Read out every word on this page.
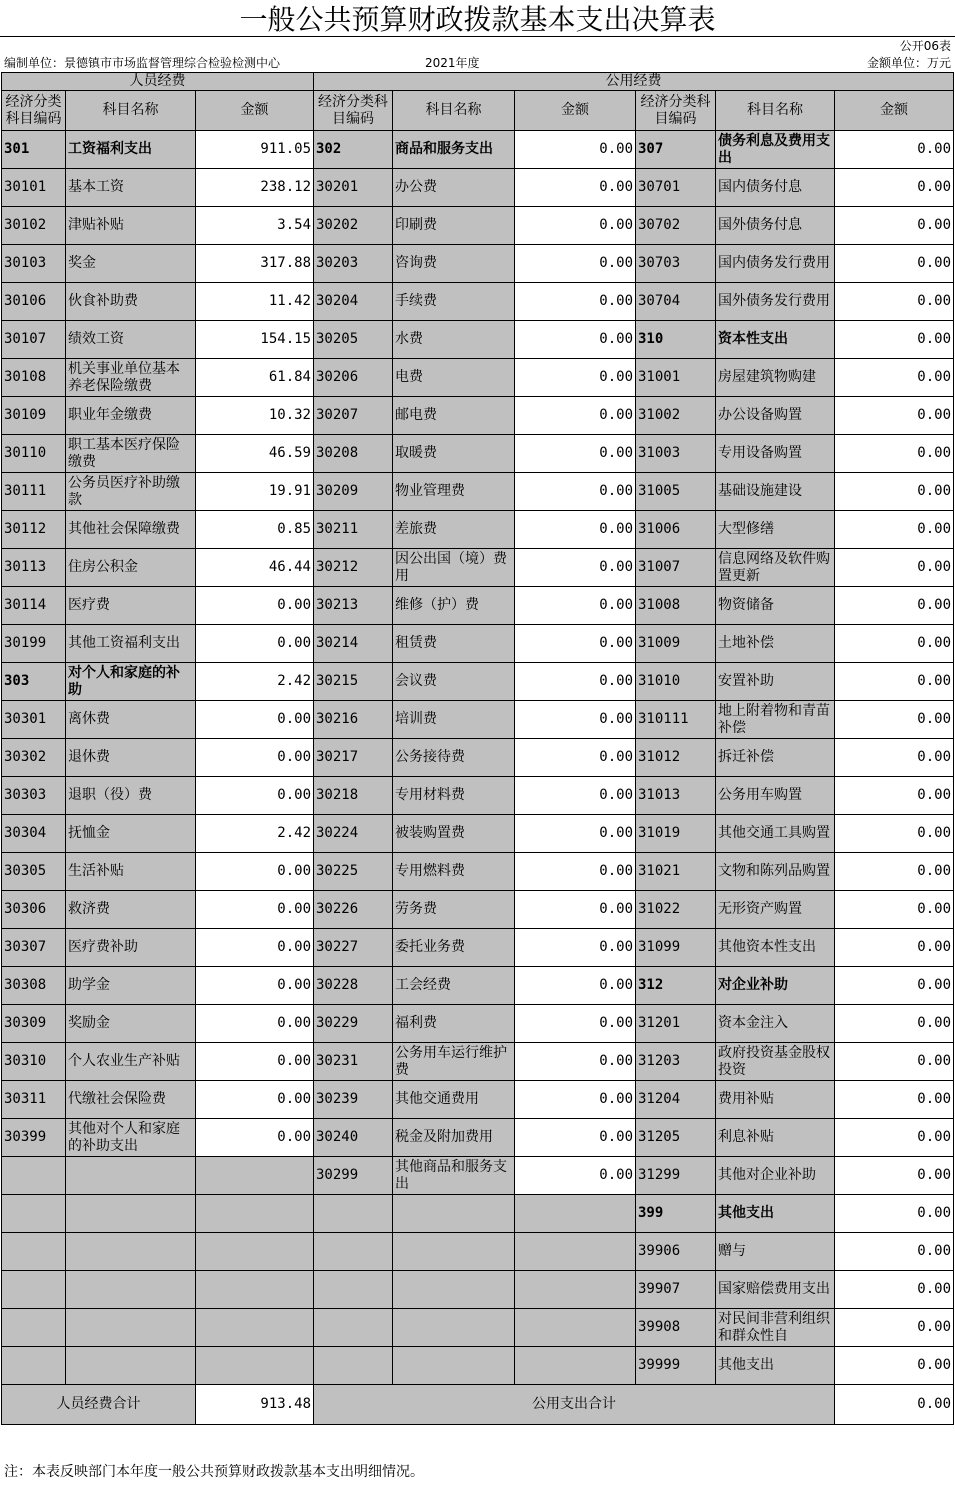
一般公共预算财政拨款基本支出决算表
公开06表
编制单位：景德镇市市场监督管理综合检验检测中心	2021年度	金额单位：万元
人员经费			公用经费					
经济分类科目编码	科目名称	金额	经济分类科目编码	科目名称	金额	经济分类科目编码	科目名称	金额
301	工资福利支出	911.05	302	商品和服务支出	0.00	307	债务利息及费用支出	0.00
30101	基本工资	238.12	30201	办公费	0.00	30701	国内债务付息	0.00
30102	津贴补贴	3.54	30202	印刷费	0.00	30702	国外债务付息	0.00
30103	奖金	317.88	30203	咨询费	0.00	30703	国内债务发行费用	0.00
30106	伙食补助费	11.42	30204	手续费	0.00	30704	国外债务发行费用	0.00
30107	绩效工资	154.15	30205	水费	0.00	310	资本性支出	0.00
30108	机关事业单位基本养老保险缴费	61.84	30206	电费	0.00	31001	房屋建筑物购建	0.00
30109	职业年金缴费	10.32	30207	邮电费	0.00	31002	办公设备购置	0.00
30110	职工基本医疗保险缴费	46.59	30208	取暖费	0.00	31003	专用设备购置	0.00
30111	公务员医疗补助缴款	19.91	30209	物业管理费	0.00	31005	基础设施建设	0.00
30112	其他社会保障缴费	0.85	30211	差旅费	0.00	31006	大型修缮	0.00
30113	住房公积金	46.44	30212	因公出国（境）费用	0.00	31007	信息网络及软件购置更新	0.00
30114	医疗费	0.00	30213	维修（护）费	0.00	31008	物资储备	0.00
30199	其他工资福利支出	0.00	30214	租赁费	0.00	31009	土地补偿	0.00
303	对个人和家庭的补助	2.42	30215	会议费	0.00	31010	安置补助	0.00
30301	离休费	0.00	30216	培训费	0.00	310111	地上附着物和青苗补偿	0.00
30302	退休费	0.00	30217	公务接待费	0.00	31012	拆迁补偿	0.00
30303	退职（役）费	0.00	30218	专用材料费	0.00	31013	公务用车购置	0.00
30304	抚恤金	2.42	30224	被装购置费	0.00	31019	其他交通工具购置	0.00
30305	生活补贴	0.00	30225	专用燃料费	0.00	31021	文物和陈列品购置	0.00
30306	救济费	0.00	30226	劳务费	0.00	31022	无形资产购置	0.00
30307	医疗费补助	0.00	30227	委托业务费	0.00	31099	其他资本性支出	0.00
30308	助学金	0.00	30228	工会经费	0.00	312	对企业补助	0.00
30309	奖励金	0.00	30229	福利费	0.00	31201	资本金注入	0.00
30310	个人农业生产补贴	0.00	30231	公务用车运行维护费	0.00	31203	政府投资基金股权投资	0.00
30311	代缴社会保险费	0.00	30239	其他交通费用	0.00	31204	费用补贴	0.00
30399	其他对个人和家庭的补助支出	0.00	30240	税金及附加费用	0.00	31205	利息补贴	0.00
			30299	其他商品和服务支出	0.00	31299	其他对企业补助	0.00
						399	其他支出	0.00
						39906	赠与	0.00
						39907	国家赔偿费用支出	0.00
						39908	对民间非营利组织和群众性自	0.00
						39999	其他支出	0.00
人员经费合计		913.48	公用支出合计					0.00
注：本表反映部门本年度一般公共预算财政拨款基本支出明细情况。
